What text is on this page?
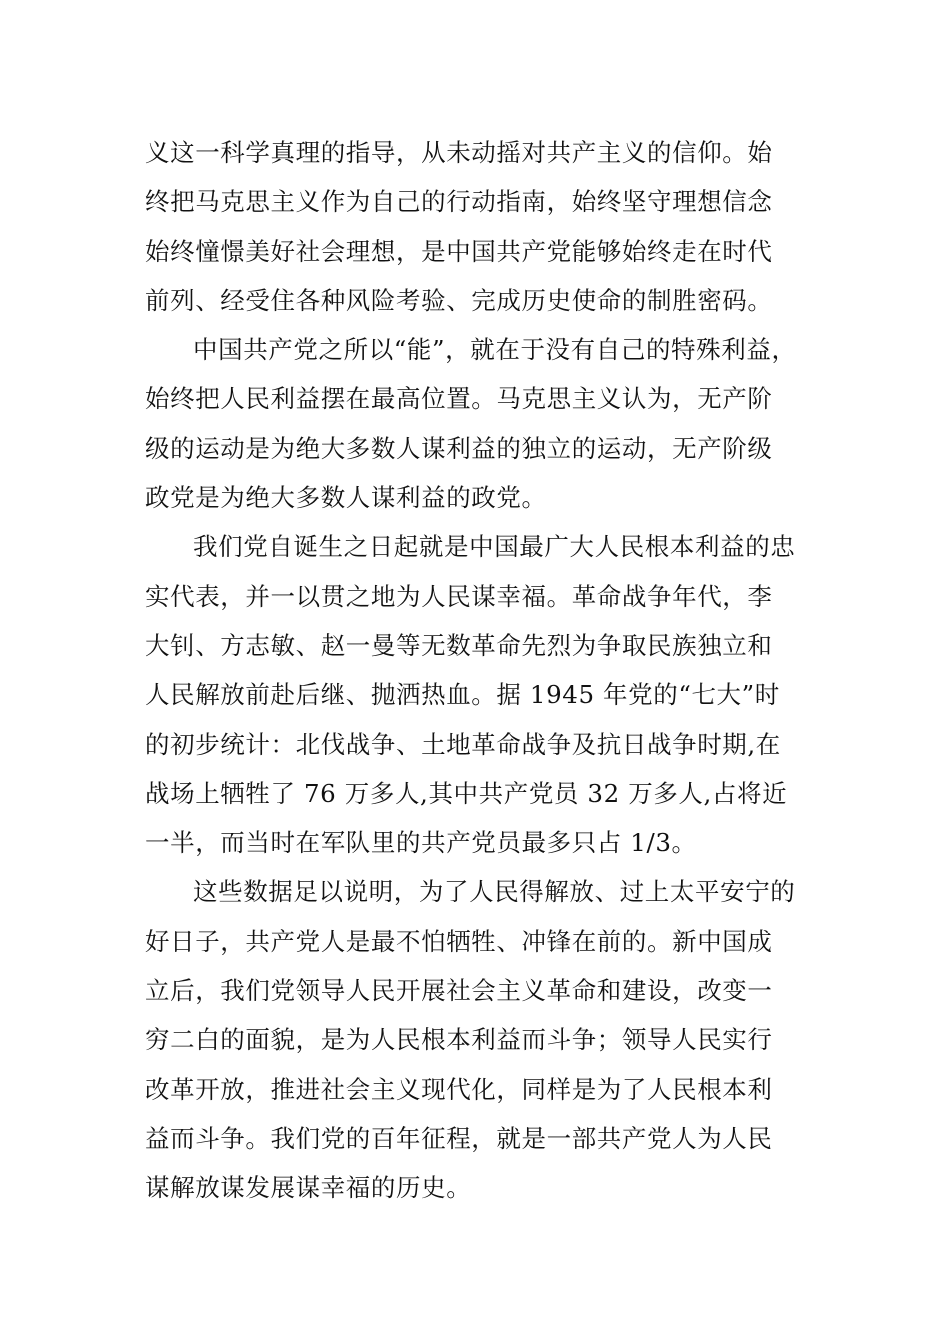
义这一科学真理的指导，从未动摇对共产主义的信仰。始
终把马克思主义作为自己的行动指南，始终坚守理想信念
始终憧憬美好社会理想，是中国共产党能够始终走在时代
前列、经受住各种风险考验、完成历史使命的制胜密码。
中国共产党之所以“能”，就在于没有自己的特殊利益，
始终把人民利益摆在最高位置。马克思主义认为，无产阶
级的运动是为绝大多数人谋利益的独立的运动，无产阶级
政党是为绝大多数人谋利益的政党。
我们党自诞生之日起就是中国最广大人民根本利益的忠
实代表，并一以贯之地为人民谋幸福。革命战争年代，李
大钊、方志敏、赵一曼等无数革命先烈为争取民族独立和
人民解放前赴后继、抛洒热血。据 1945 年党的“七大”时
的初步统计：北伐战争、土地革命战争及抗日战争时期,在
战场上牺牲了 76 万多人,其中共产党员 32 万多人,占将近
一半，而当时在军队里的共产党员最多只占 1/3。
这些数据足以说明，为了人民得解放、过上太平安宁的
好日子，共产党人是最不怕牺牲、冲锋在前的。新中国成
立后，我们党领导人民开展社会主义革命和建设，改变一
穷二白的面貌，是为人民根本利益而斗争；领导人民实行
改革开放，推进社会主义现代化，同样是为了人民根本利
益而斗争。我们党的百年征程，就是一部共产党人为人民
谋解放谋发展谋幸福的历史。
